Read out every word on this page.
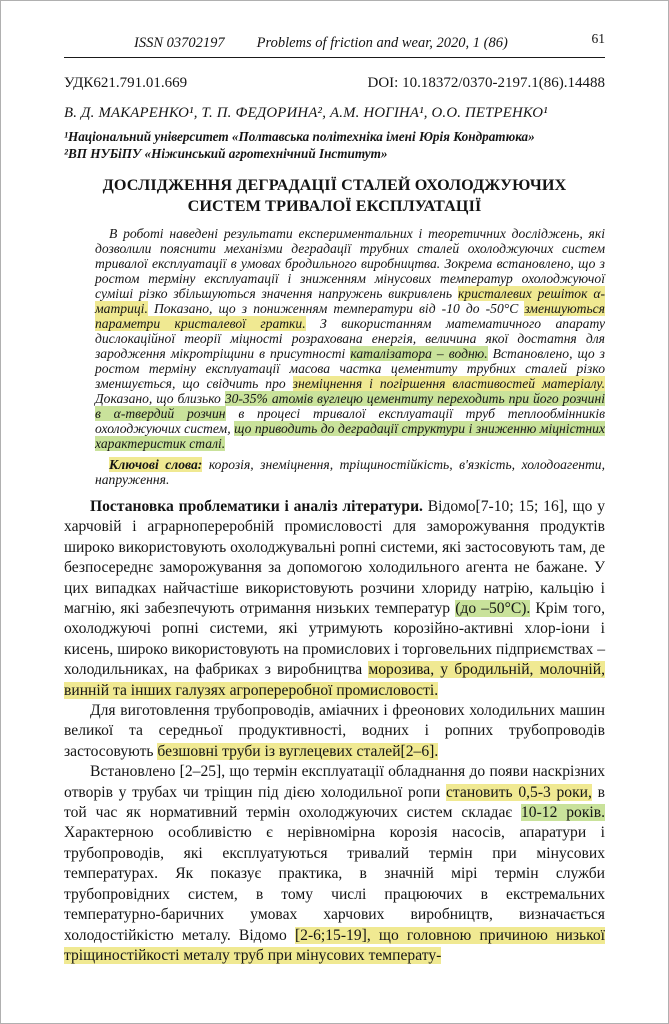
ISSN 03702197 Problems of friction and wear, 2020, 1 (86)	61
УДК621.791.01.669	DOI: 10.18372/0370-2197.1(86).14488
В. Д. МАКАРЕНКО¹, Т. П. ФЕДОРИНА², А.М. НОГІНА¹, О.О. ПЕТРЕНКО¹
¹Національний університет «Полтавська політехніка імені Юрія Кондратюка»
²ВП НУБіПУ «Ніжинський агротехнічний Інститут»
ДОСЛІДЖЕННЯ ДЕГРАДАЦІЇ СТАЛЕЙ ОХОЛОДЖУЮЧИХ СИСТЕМ ТРИВАЛОЇ ЕКСПЛУАТАЦІЇ

В роботі наведені результати експериментальних і теоретичних досліджень, які дозволили пояснити механізми деградації трубних сталей охолоджуючих систем тривалої експлуатації в умовах бродильного виробництва. Зокрема встановлено, що з ростом терміну експлуатації і зниженням мінусових температур охолоджуючої суміші різко збільшуються значення напружень викривлень кристалевих решіток α-матриці. Показано, що з пониженням температури від -10 до -50°С зменшуються параметри кристалевої гратки. З використанням математичного апарату дислокаційної теорії міцності розрахована енергія, величина якої достатня для зародження мікротріщини в присутності каталізатора – водню. Встановлено, що з ростом терміну експлуатації масова частка цементиту трубних сталей різко зменшується, що свідчить про знеміцнення і погіршення властивостей матеріалу. Доказано, що близько 30-35% атомів вуглецю цементиту переходить при його розчині в α-твердий розчин в процесі тривалої експлуатації труб теплообмінників охолоджуючих систем, що приводить до деградації структури і зниженню міцністних характеристик сталі.

Ключові слова: корозія, знеміцнення, тріщиностійкість, в'язкість, холодоагенти, напруження.

Постановка проблематики і аналіз літератури. Відомо[7-10; 15; 16], що у харчовій і аграрнопереробній промисловості для заморожування продуктів широко використовують охолоджувальні ропні системи, які застосовують там, де безпосереднє заморожування за допомогою холодильного агента не бажане. У цих випадках найчастіше використовують розчини хлориду натрію, кальцію і магнію, які забезпечують отримання низьких температур (до –50°С). Крім того, охолоджуючі ропні системи, які утримують корозійно-активні хлор-іони і кисень, широко використовують на промислових і торговельних підприємствах – холодильниках, на фабриках з виробництва морозива, у бродильній, молочній, винній та інших галузях агропереробної промисловості.

Для виготовлення трубопроводів, аміачних і фреонових холодильних машин великої та середньої продуктивності, водних і ропних трубопроводів застосовують безшовні труби із вуглецевих сталей[2–6].

Встановлено [2–25], що термін експлуатації обладнання до появи наскрізних отворів у трубах чи тріщин під дією холодильної ропи становить 0,5-3 роки, в той час як нормативний термін охолоджуючих систем складає 10-12 років. Характерною особливістю є нерівномірна корозія насосів, апаратури і трубопроводів, які експлуатуються тривалий термін при мінусових температурах. Як показує практика, в значній мірі термін служби трубопровідних систем, в тому числі працюючих в екстремальних температурно-баричних умовах харчових виробництв, визначається холодостійкістю металу. Відомо [2-6;15-19], що головною причиною низької тріщиностійкості металу труб при мінусових температу-
